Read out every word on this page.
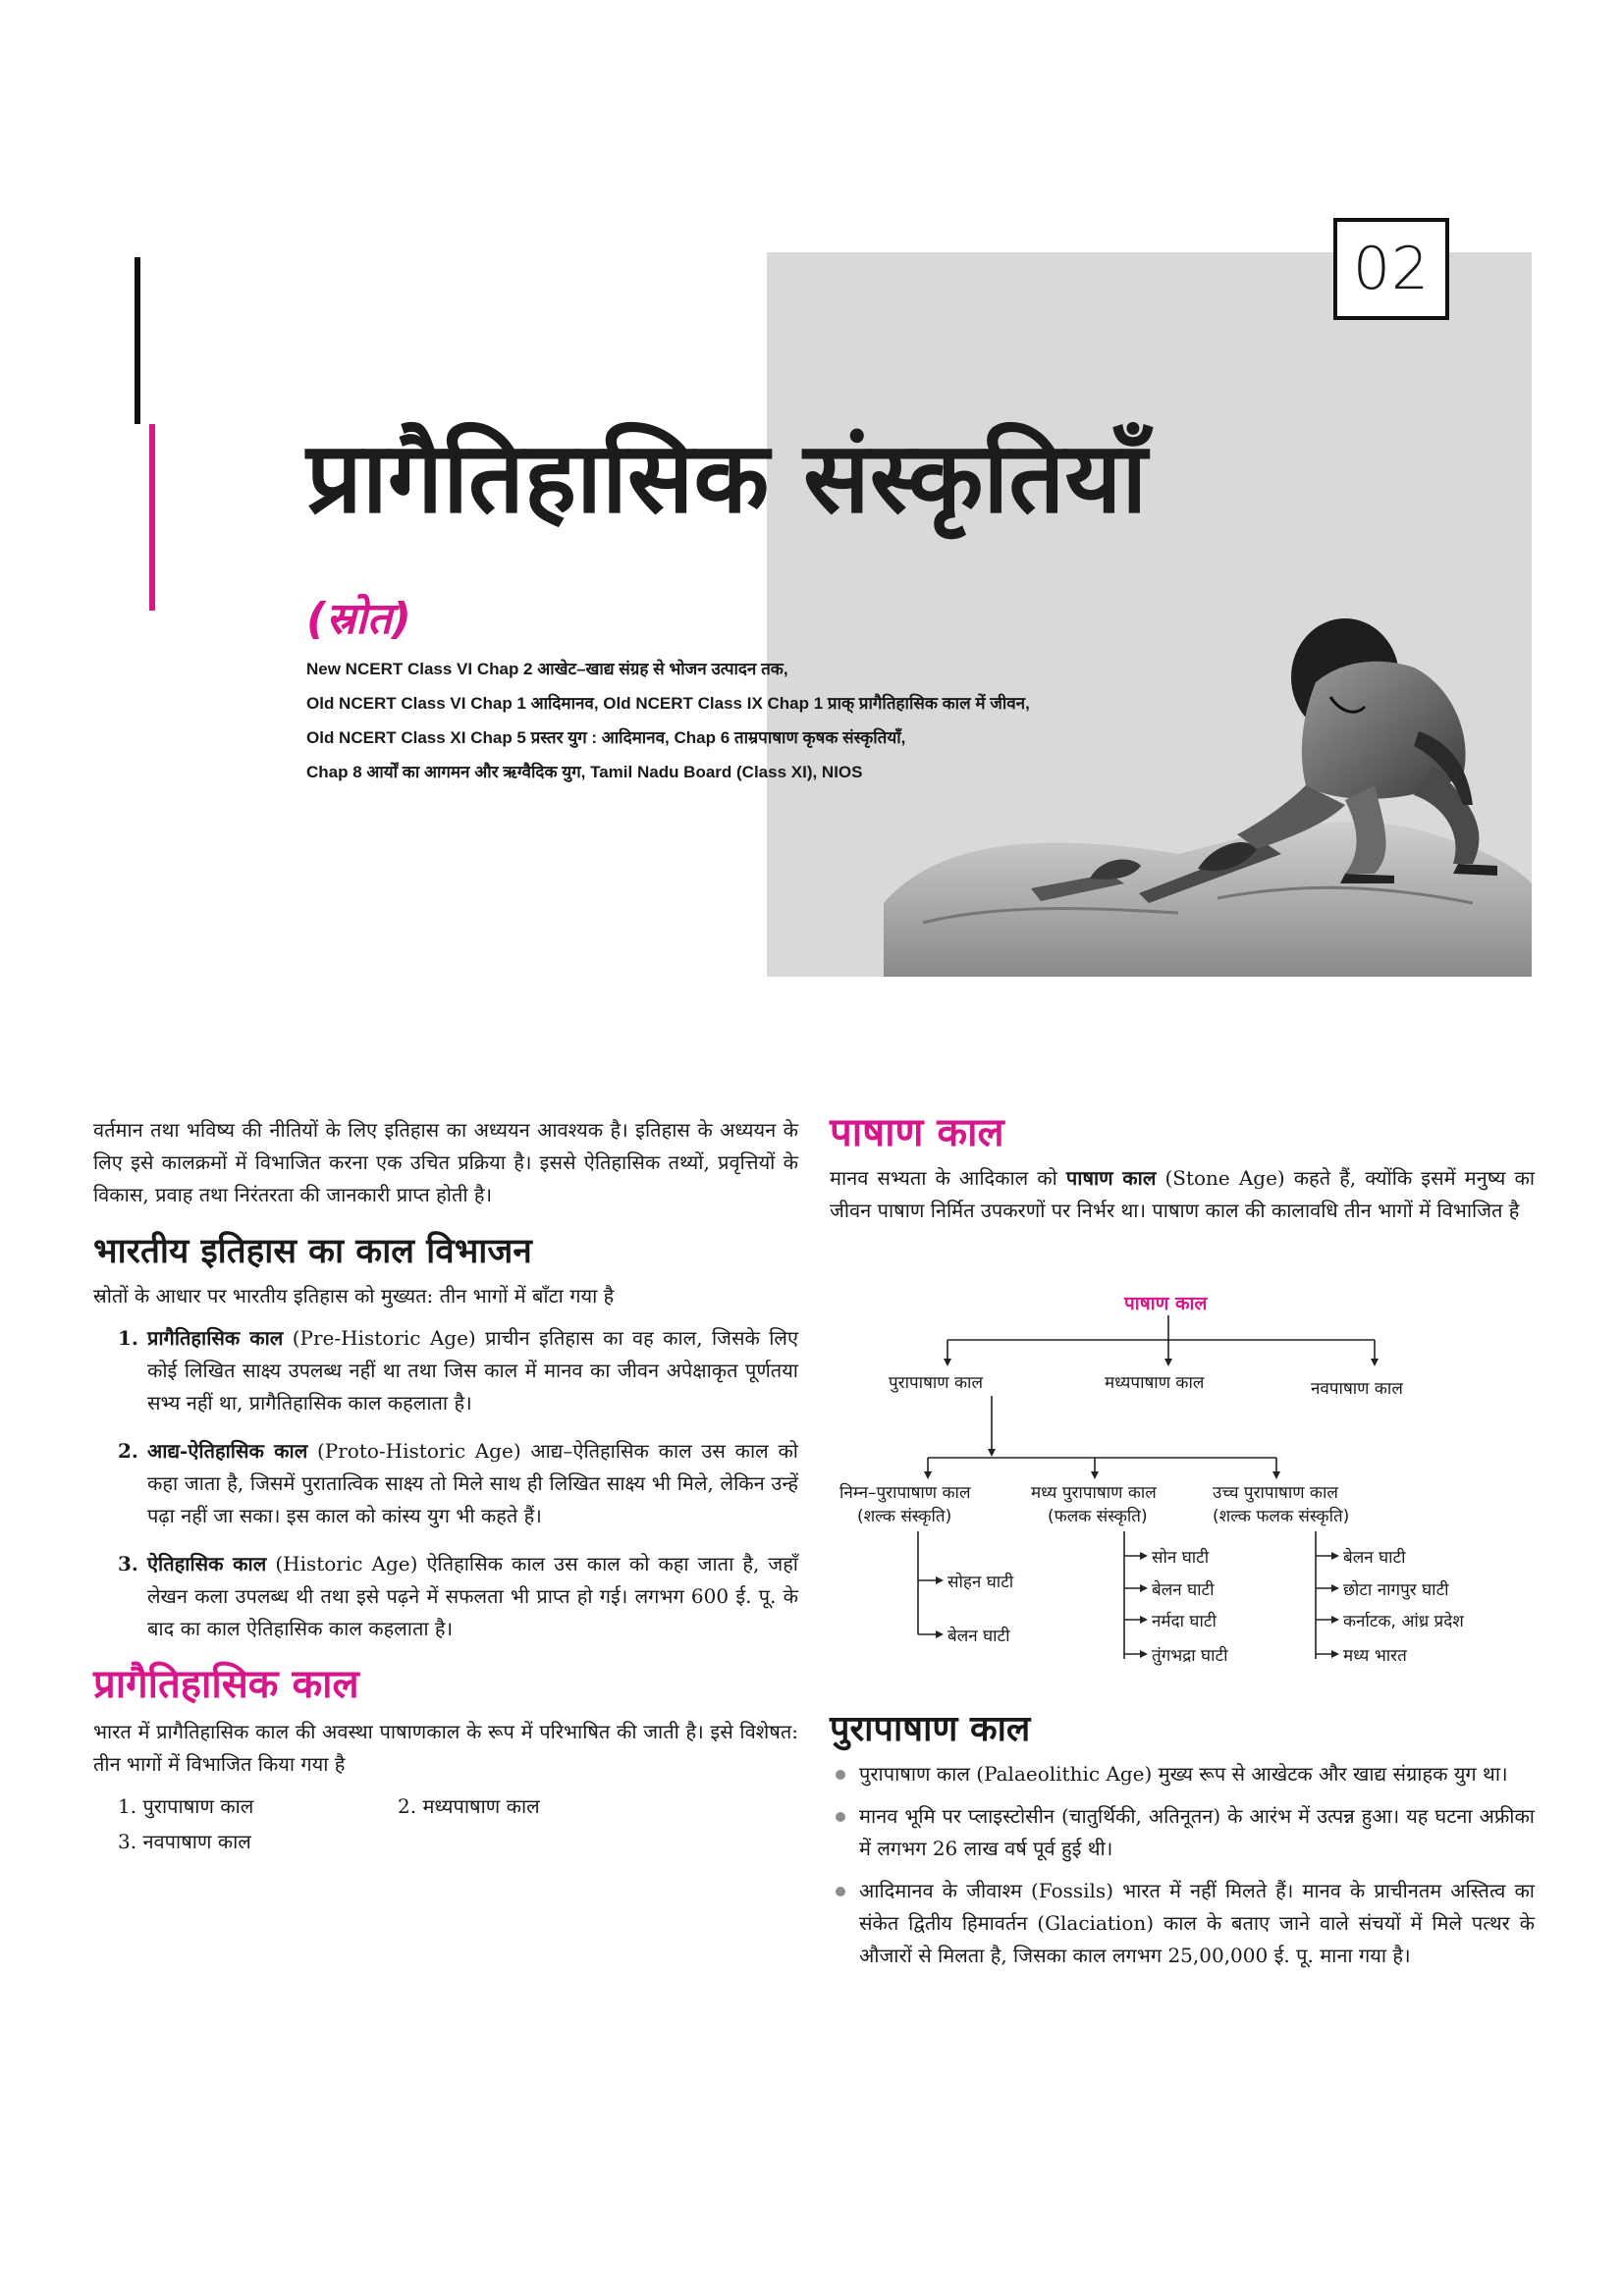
02
प्रागैतिहासिक संस्कृतियाँ
(स्रोत)
New NCERT Class VI Chap 2 आखेट–खाद्य संग्रह से भोजन उत्पादन तक,
Old NCERT Class VI Chap 1 आदिमानव, Old NCERT Class IX Chap 1 प्राक् प्रागैतिहासिक काल में जीवन,
Old NCERT Class XI Chap 5 प्रस्तर युग : आदिमानव, Chap 6 ताम्रपाषाण कृषक संस्कृतियाँ,
Chap 8 आर्यों का आगमन और ऋग्वैदिक युग, Tamil Nadu Board (Class XI), NIOS

वर्तमान तथा भविष्य की नीतियों के लिए इतिहास का अध्ययन आवश्यक है। इतिहास के अध्ययन के लिए इसे कालक्रमों में विभाजित करना एक उचित प्रक्रिया है। इससे ऐतिहासिक तथ्यों, प्रवृत्तियों के विकास, प्रवाह तथा निरंतरता की जानकारी प्राप्त होती है।

भारतीय इतिहास का काल विभाजन

स्रोतों के आधार पर भारतीय इतिहास को मुख्यत: तीन भागों में बाँटा गया है

1. प्रागैतिहासिक काल (Pre-Historic Age) प्राचीन इतिहास का वह काल, जिसके लिए कोई लिखित साक्ष्य उपलब्ध नहीं था तथा जिस काल में मानव का जीवन अपेक्षाकृत पूर्णतया सभ्य नहीं था, प्रागैतिहासिक काल कहलाता है।
2. आद्य-ऐतिहासिक काल (Proto-Historic Age) आद्य–ऐतिहासिक काल उस काल को कहा जाता है, जिसमें पुरातात्विक साक्ष्य तो मिले साथ ही लिखित साक्ष्य भी मिले, लेकिन उन्हें पढ़ा नहीं जा सका। इस काल को कांस्य युग भी कहते हैं।
3. ऐतिहासिक काल (Historic Age) ऐतिहासिक काल उस काल को कहा जाता है, जहाँ लेखन कला उपलब्ध थी तथा इसे पढ़ने में सफलता भी प्राप्त हो गई। लगभग 600 ई. पू. के बाद का काल ऐतिहासिक काल कहलाता है।
प्रागैतिहासिक काल

भारत में प्रागैतिहासिक काल की अवस्था पाषाणकाल के रूप में परिभाषित की जाती है। इसे विशेषत: तीन भागों में विभाजित किया गया है

1. पुरापाषाण काल	2. मध्यपाषाण काल
3. नवपाषाण काल
पाषाण काल

मानव सभ्यता के आदिकाल को पाषाण काल (Stone Age) कहते हैं, क्योंकि इसमें मनुष्य का जीवन पाषाण निर्मित उपकरणों पर निर्भर था। पाषाण काल की कालावधि तीन भागों में विभाजित है

पाषाण काल
पुरापाषाण काल	मध्यपाषाण काल	नवपाषाण काल
निम्न–पुरापाषाण काल
(शल्क संस्कृति)
मध्य पुरापाषाण काल
(फलक संस्कृति)
उच्च पुरापाषाण काल
(शल्क फलक संस्कृति)
सोहन घाटी
बेलन घाटी
सोन घाटी
बेलन घाटी
नर्मदा घाटी
तुंगभद्रा घाटी
बेलन घाटी
छोटा नागपुर घाटी
कर्नाटक, आंध्र प्रदेश
मध्य भारत
पुरापाषाण काल
पुरापाषाण काल (Palaeolithic Age) मुख्य रूप से आखेटक और खाद्य संग्राहक युग था।
मानव भूमि पर प्लाइस्टोसीन (चातुर्थिकी, अतिनूतन) के आरंभ में उत्पन्न हुआ। यह घटना अफ्रीका में लगभग 26 लाख वर्ष पूर्व हुई थी।
आदिमानव के जीवाश्म (Fossils) भारत में नहीं मिलते हैं। मानव के प्राचीनतम अस्तित्व का संकेत द्वितीय हिमावर्तन (Glaciation) काल के बताए जाने वाले संचयों में मिले पत्थर के औजारों से मिलता है, जिसका काल लगभग 25,00,000 ई. पू. माना गया है।
